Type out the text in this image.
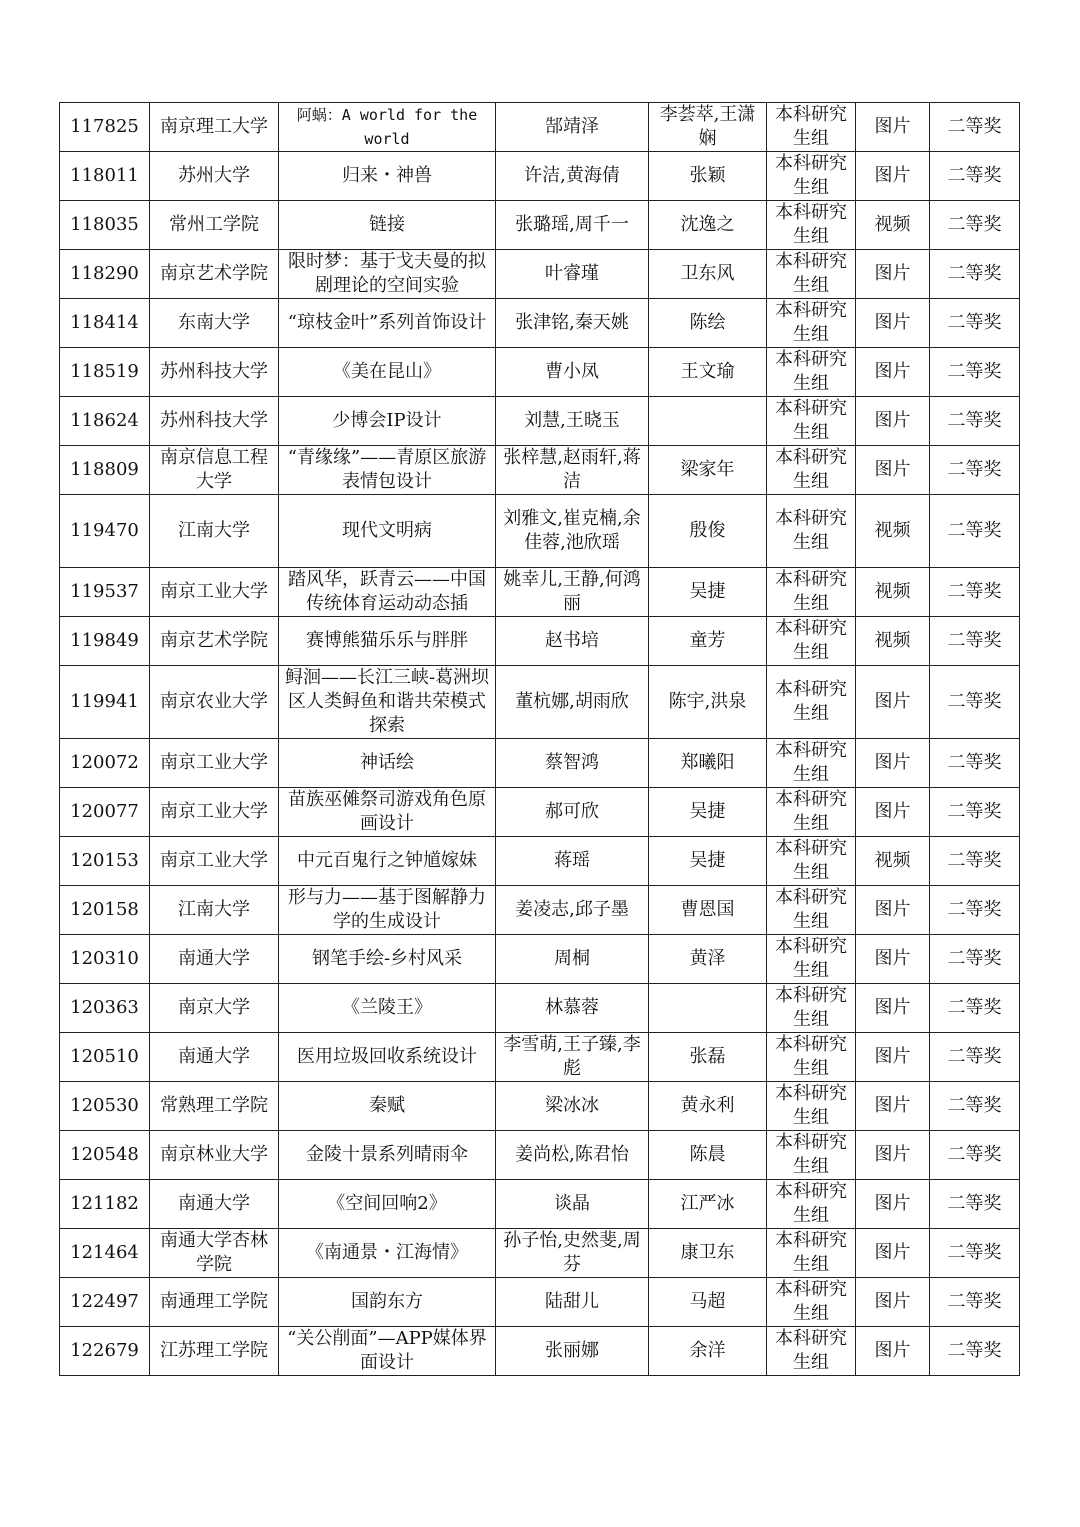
117825	南京理工大学	阿蜗：A world for the world	郜靖泽	李荟萃,王潇娴	本科研究生组	图片	二等奖
118011	苏州大学	归来・神兽	许洁,黄海倩	张颖	本科研究生组	图片	二等奖
118035	常州工学院	链接	张璐瑶,周千一	沈逸之	本科研究生组	视频	二等奖
118290	南京艺术学院	限时梦：基于戈夫曼的拟剧理论的空间实验	叶睿瑾	卫东风	本科研究生组	图片	二等奖
118414	东南大学	“琼枝金叶”系列首饰设计	张津铭,秦天姚	陈绘	本科研究生组	图片	二等奖
118519	苏州科技大学	《美在昆山》	曹小凤	王文瑜	本科研究生组	图片	二等奖
118624	苏州科技大学	少博会IP设计	刘慧,王晓玉		本科研究生组	图片	二等奖
118809	南京信息工程大学	“青缘缘”——青原区旅游表情包设计	张梓慧,赵雨轩,蒋洁	梁家年	本科研究生组	图片	二等奖
119470	江南大学	现代文明病	刘雅文,崔克楠,余佳蓉,池欣瑶	殷俊	本科研究生组	视频	二等奖
119537	南京工业大学	踏风华，跃青云——中国传统体育运动动态插	姚幸儿,王静,何鸿丽	吴捷	本科研究生组	视频	二等奖
119849	南京艺术学院	赛博熊猫乐乐与胖胖	赵书培	童芳	本科研究生组	视频	二等奖
119941	南京农业大学	鲟洄——长江三峡-葛洲坝区人类鲟鱼和谐共荣模式探索	董杭娜,胡雨欣	陈宇,洪泉	本科研究生组	图片	二等奖
120072	南京工业大学	神话绘	蔡智鸿	郑曦阳	本科研究生组	图片	二等奖
120077	南京工业大学	苗族巫傩祭司游戏角色原画设计	郝可欣	吴捷	本科研究生组	图片	二等奖
120153	南京工业大学	中元百鬼行之钟馗嫁妹	蒋瑶	吴捷	本科研究生组	视频	二等奖
120158	江南大学	形与力——基于图解静力学的生成设计	姜凌志,邱子墨	曹恩国	本科研究生组	图片	二等奖
120310	南通大学	钢笔手绘-乡村风采	周桐	黄泽	本科研究生组	图片	二等奖
120363	南京大学	《兰陵王》	林慕蓉		本科研究生组	图片	二等奖
120510	南通大学	医用垃圾回收系统设计	李雪萌,王子臻,李彪	张磊	本科研究生组	图片	二等奖
120530	常熟理工学院	秦赋	梁冰冰	黄永利	本科研究生组	图片	二等奖
120548	南京林业大学	金陵十景系列晴雨伞	姜尚松,陈君怡	陈晨	本科研究生组	图片	二等奖
121182	南通大学	《空间回响2》	谈晶	江严冰	本科研究生组	图片	二等奖
121464	南通大学杏林学院	《南通景・江海情》	孙子怡,史然斐,周芬	康卫东	本科研究生组	图片	二等奖
122497	南通理工学院	国韵东方	陆甜儿	马超	本科研究生组	图片	二等奖
122679	江苏理工学院	“关公削面”—APP媒体界面设计	张丽娜	余洋	本科研究生组	图片	二等奖
